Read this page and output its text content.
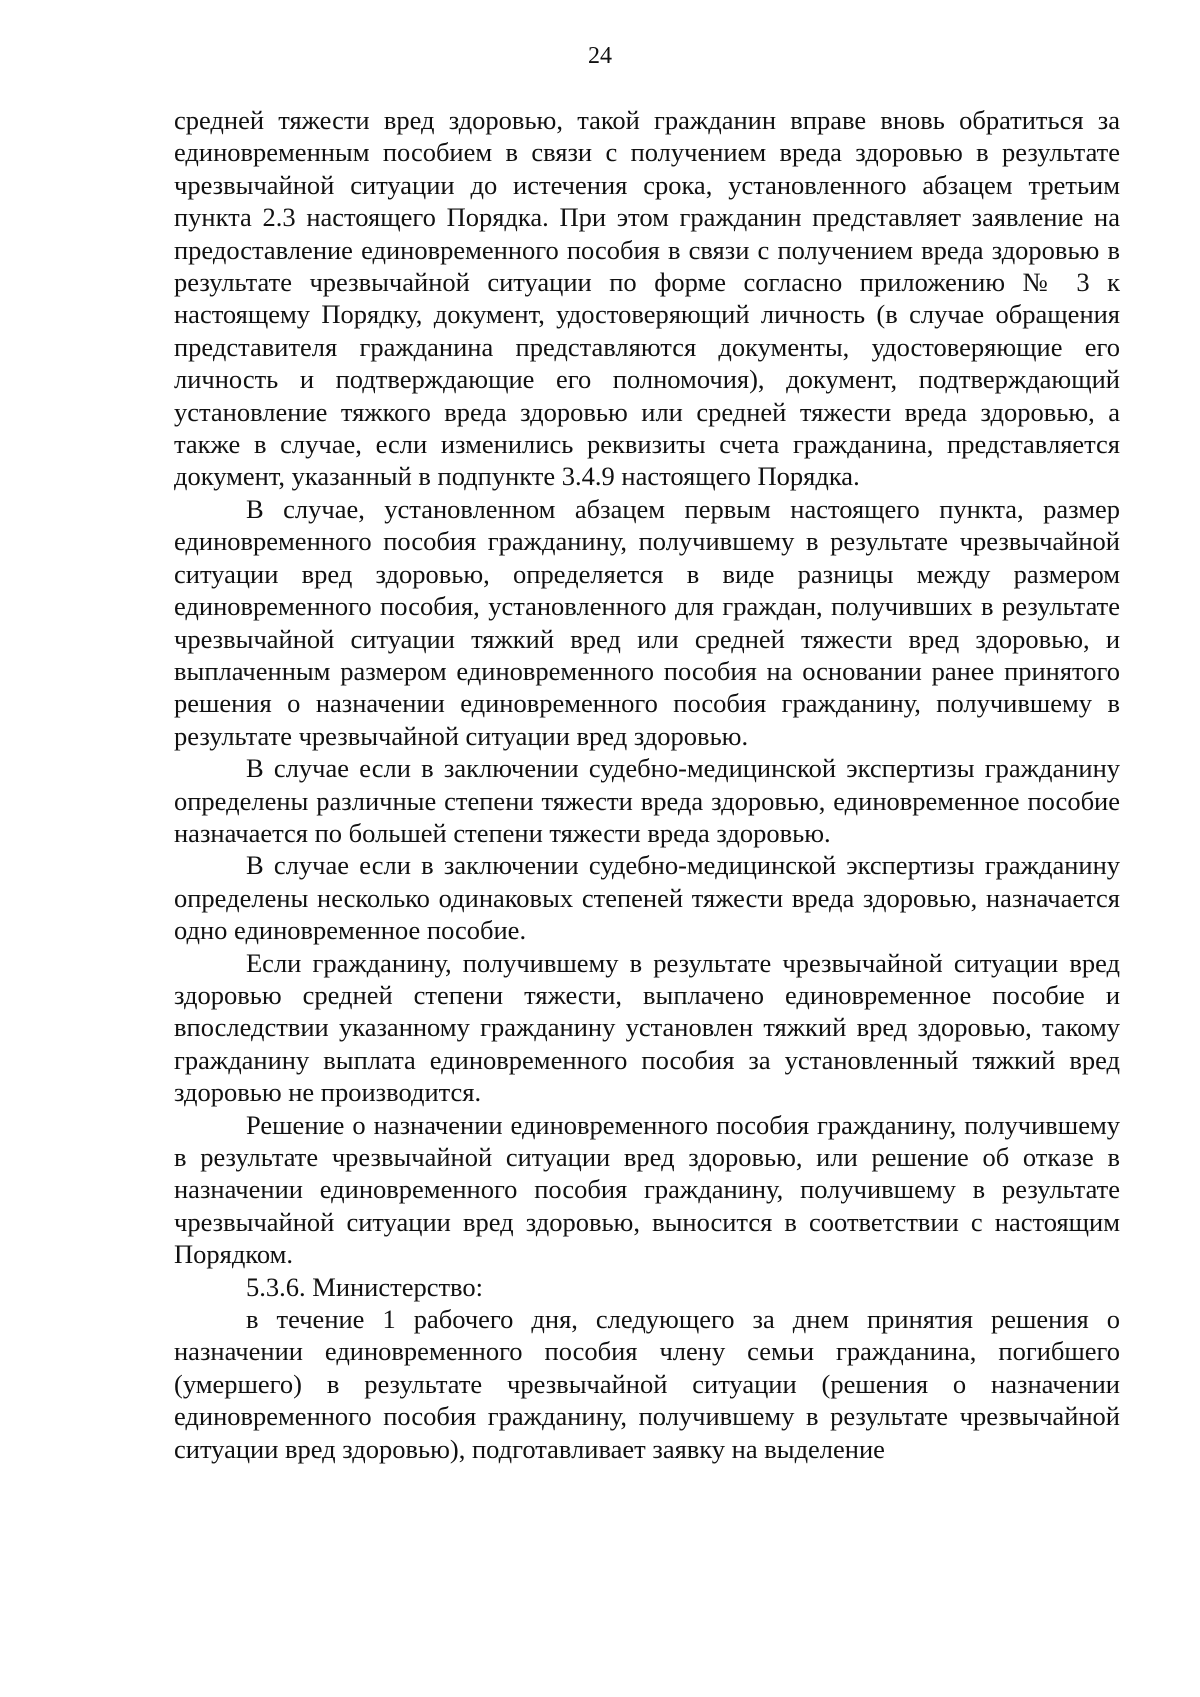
24

средней тяжести вред здоровью, такой гражданин вправе вновь обратиться за единовременным пособием в связи с получением вреда здоровью в результате чрезвычайной ситуации до истечения срока, установленного абзацем третьим пункта 2.3 настоящего Порядка. При этом гражданин представляет заявление на предоставление единовременного пособия в связи с получением вреда здоровью в результате чрезвычайной ситуации по форме согласно приложению № 3 к настоящему Порядку, документ, удостоверяющий личность (в случае обращения представителя гражданина представляются документы, удостоверяющие его личность и подтверждающие его полномочия), документ, подтверждающий установление тяжкого вреда здоровью или средней тяжести вреда здоровью, а также в случае, если изменились реквизиты счета гражданина, представляется документ, указанный в подпункте 3.4.9 настоящего Порядка.

В случае, установленном абзацем первым настоящего пункта, размер единовременного пособия гражданину, получившему в результате чрезвычайной ситуации вред здоровью, определяется в виде разницы между размером единовременного пособия, установленного для граждан, получивших в результате чрезвычайной ситуации тяжкий вред или средней тяжести вред здоровью, и выплаченным размером единовременного пособия на основании ранее принятого решения о назначении единовременного пособия гражданину, получившему в результате чрезвычайной ситуации вред здоровью.

В случае если в заключении судебно-медицинской экспертизы гражданину определены различные степени тяжести вреда здоровью, единовременное пособие назначается по большей степени тяжести вреда здоровью.

В случае если в заключении судебно-медицинской экспертизы гражданину определены несколько одинаковых степеней тяжести вреда здоровью, назначается одно единовременное пособие.

Если гражданину, получившему в результате чрезвычайной ситуации вред здоровью средней степени тяжести, выплачено единовременное пособие и впоследствии указанному гражданину установлен тяжкий вред здоровью, такому гражданину выплата единовременного пособия за установленный тяжкий вред здоровью не производится.

Решение о назначении единовременного пособия гражданину, получившему в результате чрезвычайной ситуации вред здоровью, или решение об отказе в назначении единовременного пособия гражданину, получившему в результате чрезвычайной ситуации вред здоровью, выносится в соответствии с настоящим Порядком.

5.3.6. Министерство:

в течение 1 рабочего дня, следующего за днем принятия решения о назначении единовременного пособия члену семьи гражданина, погибшего (умершего) в результате чрезвычайной ситуации (решения о назначении единовременного пособия гражданину, получившему в результате чрезвычайной ситуации вред здоровью), подготавливает заявку на выделение
